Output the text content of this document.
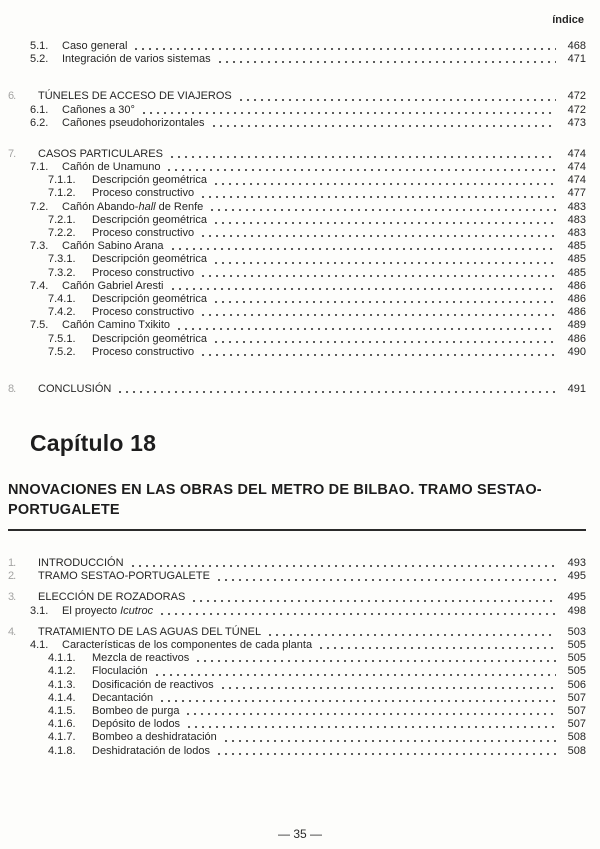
índice
5.1.	Caso general	468
5.2.	Integración de varios sistemas	471
6.	TÚNELES DE ACCESO DE VIAJEROS	472
6.1.	Cañones a 30°	472
6.2.	Cañones pseudohorizontales	473
7.	CASOS PARTICULARES	474
7.1.	Cañón de Unamuno	474
7.1.1.	Descripción geométrica	474
7.1.2.	Proceso constructivo	477
7.2.	Cañón Abando-hall de Renfe	483
7.2.1.	Descripción geométrica	483
7.2.2.	Proceso constructivo	483
7.3.	Cañón Sabino Arana	485
7.3.1.	Descripción geométrica	485
7.3.2.	Proceso constructivo	485
7.4.	Cañón Gabriel Aresti	486
7.4.1.	Descripción geométrica	486
7.4.2.	Proceso constructivo	486
7.5.	Cañón Camino Txikito	489
7.5.1.	Descripción geométrica	486
7.5.2.	Proceso constructivo	490
8.	CONCLUSIÓN	491
Capítulo 18
NNOVACIONES EN LAS OBRAS DEL METRO DE BILBAO. TRAMO SESTAO-
PORTUGALETE
1.	INTRODUCCIÓN	493
2.	TRAMO SESTAO-PORTUGALETE	495
3.	ELECCIÓN DE ROZADORAS	495
3.1.	El proyecto Icutroc	498
4.	TRATAMIENTO DE LAS AGUAS DEL TÚNEL	503
4.1.	Características de los componentes de cada planta	505
4.1.1.	Mezcla de reactivos	505
4.1.2.	Floculación	505
4.1.3.	Dosificación de reactivos	506
4.1.4.	Decantación	507
4.1.5.	Bombeo de purga	507
4.1.6.	Depósito de lodos	507
4.1.7.	Bombeo a deshidratación	508
4.1.8.	Deshidratación de lodos	508
— 35 —
